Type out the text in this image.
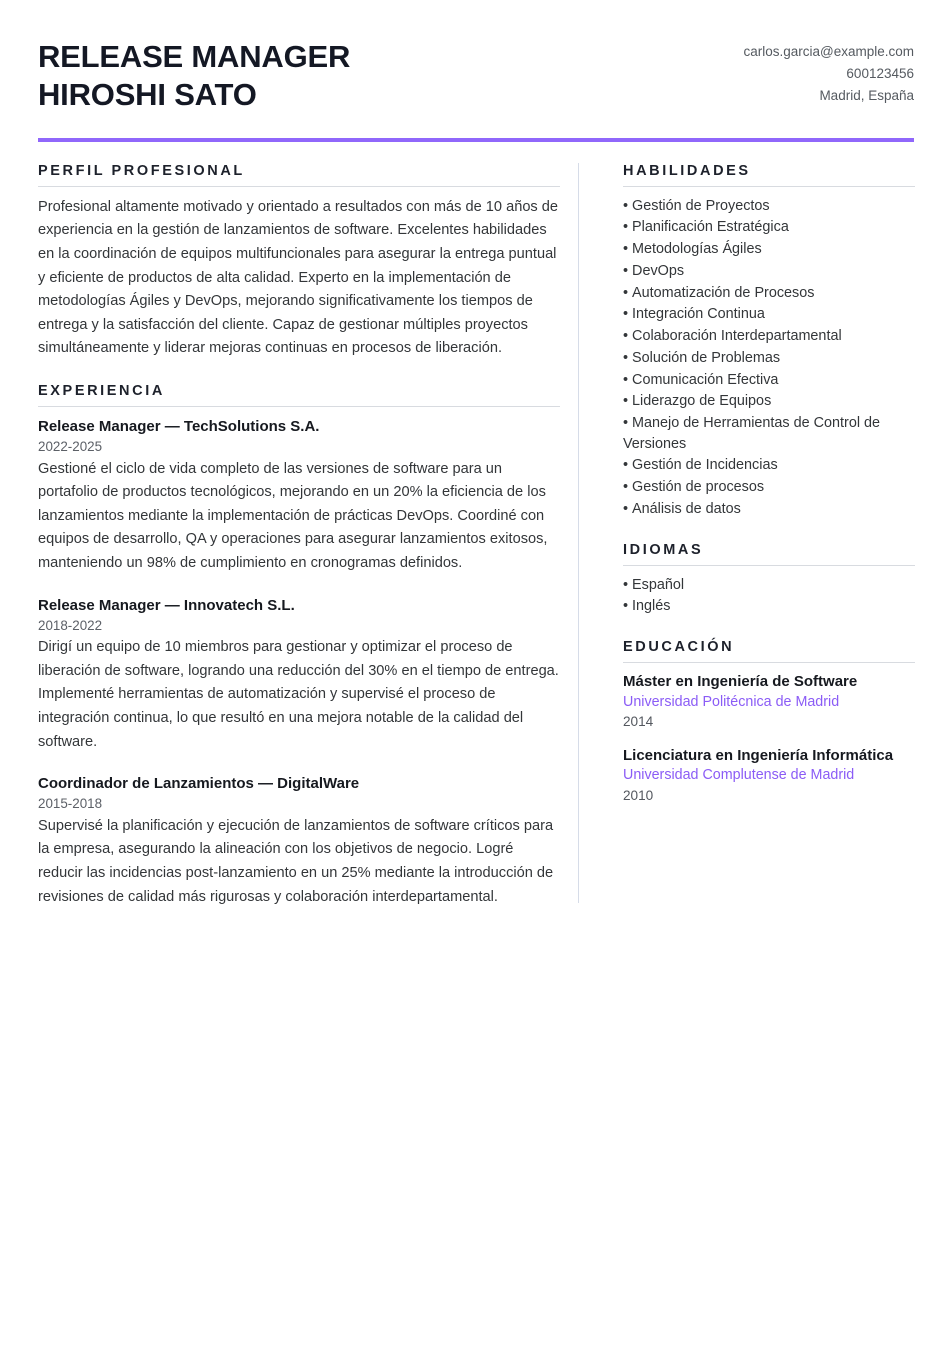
RELEASE MANAGER
HIROSHI SATO
carlos.garcia@example.com
600123456
Madrid, España
PERFIL PROFESIONAL

Profesional altamente motivado y orientado a resultados con más de 10 años de experiencia en la gestión de lanzamientos de software. Excelentes habilidades en la coordinación de equipos multifuncionales para asegurar la entrega puntual y eficiente de productos de alta calidad. Experto en la implementación de metodologías Ágiles y DevOps, mejorando significativamente los tiempos de entrega y la satisfacción del cliente. Capaz de gestionar múltiples proyectos simultáneamente y liderar mejoras continuas en procesos de liberación.

EXPERIENCIA

Release Manager — TechSolutions S.A.

2022-2025

Gestioné el ciclo de vida completo de las versiones de software para un portafolio de productos tecnológicos, mejorando en un 20% la eficiencia de los lanzamientos mediante la implementación de prácticas DevOps. Coordiné con equipos de desarrollo, QA y operaciones para asegurar lanzamientos exitosos, manteniendo un 98% de cumplimiento en cronogramas definidos.

Release Manager — Innovatech S.L.

2018-2022

Dirigí un equipo de 10 miembros para gestionar y optimizar el proceso de liberación de software, logrando una reducción del 30% en el tiempo de entrega. Implementé herramientas de automatización y supervisé el proceso de integración continua, lo que resultó en una mejora notable de la calidad del software.

Coordinador de Lanzamientos — DigitalWare

2015-2018

Supervisé la planificación y ejecución de lanzamientos de software críticos para la empresa, asegurando la alineación con los objetivos de negocio. Logré reducir las incidencias post-lanzamiento en un 25% mediante la introducción de revisiones de calidad más rigurosas y colaboración interdepartamental.

HABILIDADES
• Gestión de Proyectos
• Planificación Estratégica
• Metodologías Ágiles
• DevOps
• Automatización de Procesos
• Integración Continua
• Colaboración Interdepartamental
• Solución de Problemas
• Comunicación Efectiva
• Liderazgo de Equipos
• Manejo de Herramientas de Control de Versiones
• Gestión de Incidencias
• Gestión de procesos
• Análisis de datos
IDIOMAS
• Español
• Inglés
EDUCACIÓN

Máster en Ingeniería de Software

Universidad Politécnica de Madrid

2014

Licenciatura en Ingeniería Informática

Universidad Complutense de Madrid

2010
